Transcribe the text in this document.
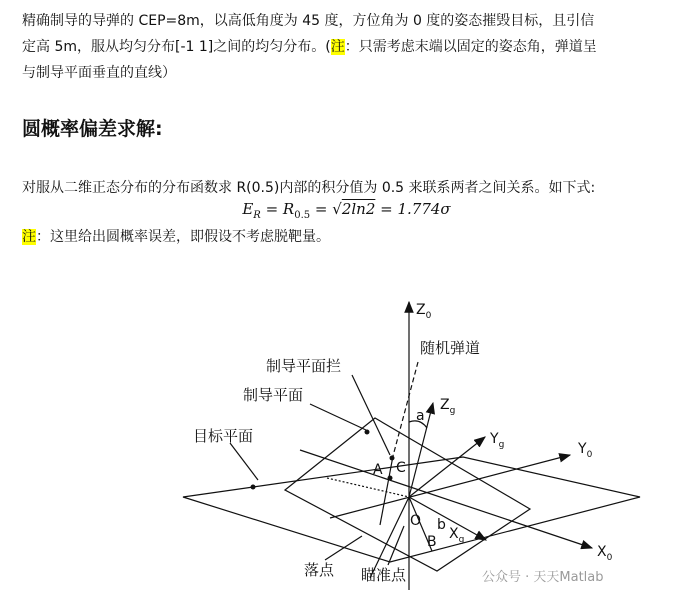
精确制导的导弹的 CEP=8m，以高低角度为 45 度，方位角为 0 度的姿态摧毁目标，且引信
定高 5m，服从均匀分布[-1 1]之间的均匀分布。(注：只需考虑末端以固定的姿态角，弹道呈
与制导平面垂直的直线）
圆概率偏差求解:
对服从二维正态分布的分布函数求 R(0.5)内部的积分值为 0.5 来联系两者之间关系。如下式:
$E_R = R_{0.5} = √2\ln 2 = 1.774\sigma$
注：这里给出圆概率误差，即假设不考虑脱靶量。
制导平面拦
随机弹道
制导平面
目标平面
落点 瞄准点
$Z_0$
$Z_g$
$Y_g$	$Y_0$
$X_g$
$X_0$
a
A C
O b
B
公众号 · 天天Matlab
